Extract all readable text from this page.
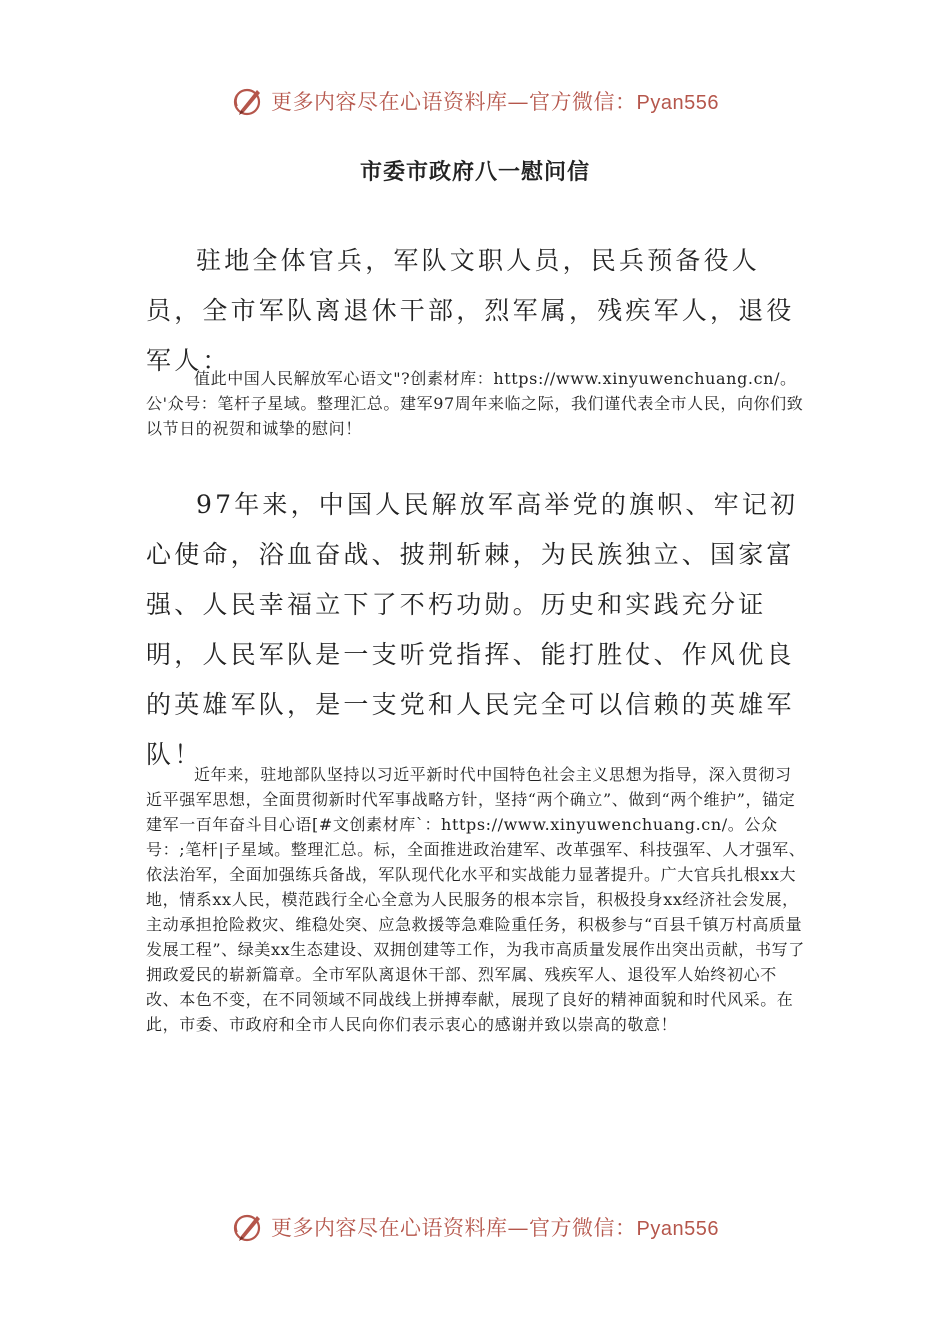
更多内容尽在心语资料库—官方微信：Pyan556
市委市政府八一慰问信

驻地全体官兵，军队文职人员，民兵预备役人员，全市军队离退休干部，烈军属，残疾军人，退役军人：

值此中国人民解放军心语文"?创素材库：https://www.xinyuwenchuang.cn/。公'众号：笔杆子星域。整理汇总。建军97周年来临之际，我们谨代表全市人民，向你们致以节日的祝贺和诚挚的慰问！

97年来，中国人民解放军高举党的旗帜、牢记初心使命，浴血奋战、披荆斩棘，为民族独立、国家富强、人民幸福立下了不朽功勋。历史和实践充分证明，人民军队是一支听党指挥、能打胜仗、作风优良的英雄军队，是一支党和人民完全可以信赖的英雄军队！

近年来，驻地部队坚持以习近平新时代中国特色社会主义思想为指导，深入贯彻习近平强军思想，全面贯彻新时代军事战略方针，坚持“两个确立”、做到“两个维护”，锚定建军一百年奋斗目心语[#文创素材库`：https://www.xinyuwenchuang.cn/。公众号：;笔杆|子星域。整理汇总。标，全面推进政治建军、改革强军、科技强军、人才强军、依法治军，全面加强练兵备战，军队现代化水平和实战能力显著提升。广大官兵扎根xx大地，情系xx人民，模范践行全心全意为人民服务的根本宗旨，积极投身xx经济社会发展，主动承担抢险救灾、维稳处突、应急救援等急难险重任务，积极参与“百县千镇万村高质量发展工程”、绿美xx生态建设、双拥创建等工作，为我市高质量发展作出突出贡献，书写了拥政爱民的崭新篇章。全市军队离退休干部、烈军属、残疾军人、退役军人始终初心不改、本色不变，在不同领域不同战线上拼搏奉献，展现了良好的精神面貌和时代风采。在此，市委、市政府和全市人民向你们表示衷心的感谢并致以崇高的敬意！

更多内容尽在心语资料库—官方微信：Pyan556
